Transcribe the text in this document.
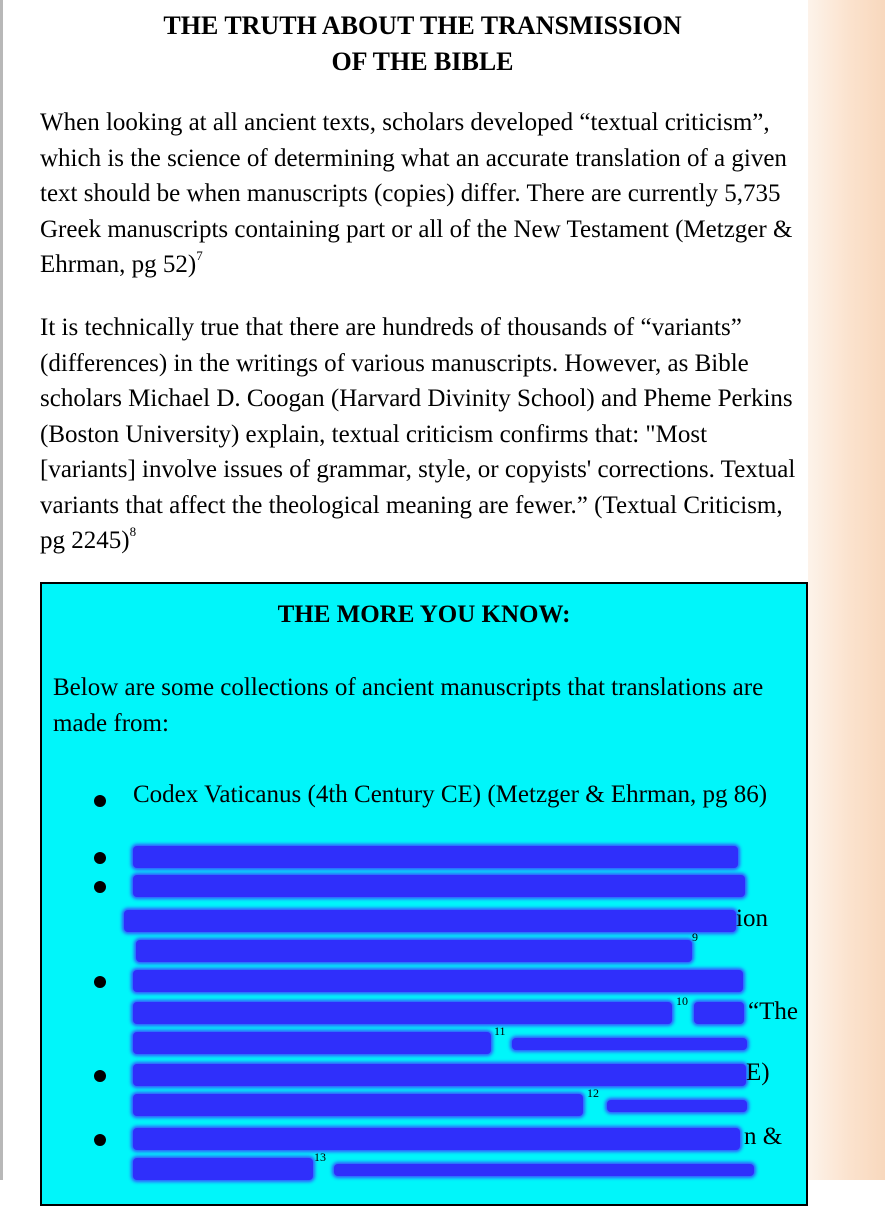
THE TRUTH ABOUT THE TRANSMISSION
OF THE BIBLE

When looking at all ancient texts, scholars developed “textual criticism”, which is the science of determining what an accurate translation of a given text should be when manuscripts (copies) differ. There are currently 5,735 Greek manuscripts containing part or all of the New Testament (Metzger & Ehrman, pg 52)$^7$

It is technically true that there are hundreds of thousands of “variants” (differences) in the writings of various manuscripts. However, as Bible scholars Michael D. Coogan (Harvard Divinity School) and Pheme Perkins (Boston University) explain, textual criticism confirms that: "Most [variants] involve issues of grammar, style, or copyists' corrections. Textual variants that affect the theological meaning are fewer.” (Textual Criticism, pg 2245)$^8$

THE MORE YOU KNOW:

Below are some collections of ancient manuscripts that translations are made from:

Codex Vaticanus (4th Century CE) (Metzger & Ehrman, pg 86)
ion
$^9$
$^{10}$ “The
$^{11}$
E)
$^{12}$
n &
$^{13}$
